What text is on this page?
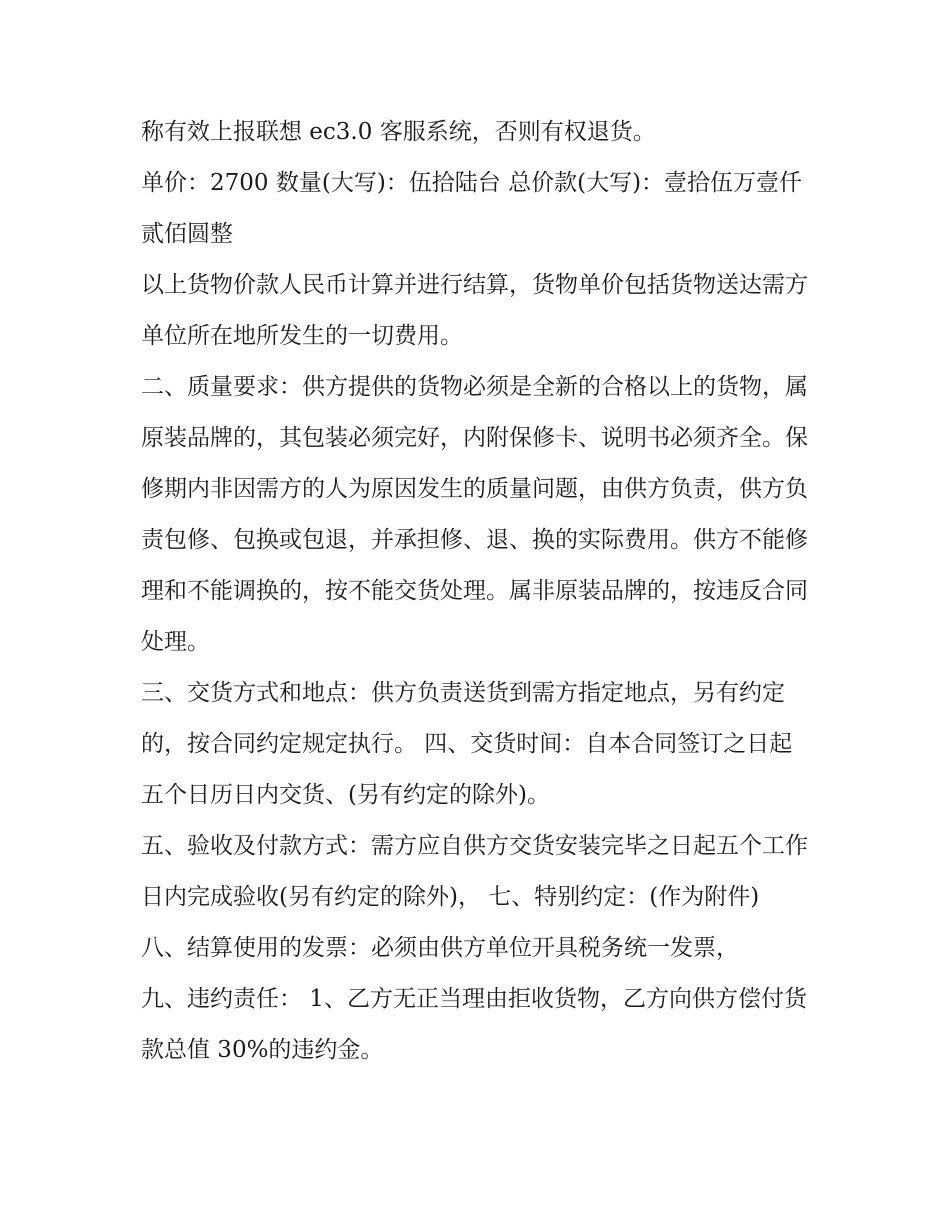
称有效上报联想 ec3.0 客服系统，否则有权退货。

单价：2700 数量(大写)：伍拾陆台 总价款(大写)：壹拾伍万壹仟贰佰圆整

以上货物价款人民币计算并进行结算，货物单价包括货物送达需方单位所在地所发生的一切费用。

二、质量要求：供方提供的货物必须是全新的合格以上的货物，属原装品牌的，其包装必须完好，内附保修卡、说明书必须齐全。保修期内非因需方的人为原因发生的质量问题，由供方负责，供方负责包修、包换或包退，并承担修、退、换的实际费用。供方不能修理和不能调换的，按不能交货处理。属非原装品牌的，按违反合同处理。

三、交货方式和地点：供方负责送货到需方指定地点，另有约定的，按合同约定规定执行。 四、交货时间：自本合同签订之日起五个日历日内交货、(另有约定的除外)。

五、验收及付款方式：需方应自供方交货安装完毕之日起五个工作日内完成验收(另有约定的除外)， 七、特别约定：(作为附件)

八、结算使用的发票：必须由供方单位开具税务统一发票，

九、违约责任： 1、乙方无正当理由拒收货物，乙方向供方偿付货款总值 30%的违约金。
